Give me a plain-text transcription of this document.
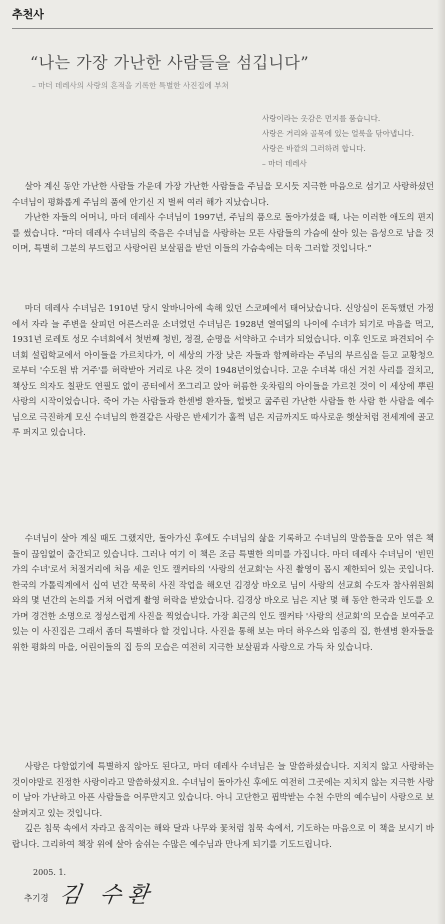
추천사
“나는 가장 가난한 사람들을 섬깁니다”
– 마더 데레사의 사랑의 흔적을 기록한 특별한 사진집에 부쳐
사랑이라는 옷감은 먼지를 품습니다.
사랑은 거리와 골목에 있는 얼룩을 닦아냅니다.
사랑은 바깥의 그러하려 합니다.
– 마더 데레사

살아 계신 동안 가난한 사람들 가운데 가장 가난한 사람들을 주님을 모시듯 지극한 마음으로 섬기고 사랑하셨던 수녀님이 평화롭게 주님의 품에 안기신 지 벌써 여러 해가 지났습니다.

가난한 자들의 어머니, 마더 데레사 수녀님이 1997년, 주님의 품으로 돌아가셨을 때, 나는 이러한 애도의 편지를 썼습니다. “마더 데레사 수녀님의 죽음은 수녀님을 사랑하는 모든 사람들의 가슴에 살아 있는 음성으로 남을 것이며, 특별히 그분의 부드럽고 사랑어린 보살핌을 받던 이들의 가슴속에는 더욱 그러할 것입니다.”

마더 데레사 수녀님은 1910년 당시 알바니아에 속해 있던 스코페에서 태어났습니다. 신앙심이 돈독했던 가정에서 자라 늘 주변을 살피던 어른스러운 소녀였던 수녀님은 1928년 열여덟의 나이에 수녀가 되기로 마음을 먹고, 1931년 로레토 성모 수녀회에서 첫번째 청빈, 정결, 순명을 서약하고 수녀가 되었습니다. 이후 인도로 파견되어 수녀회 설립학교에서 아이들을 가르치다가, 이 세상의 가장 낮은 자들과 함께하라는 주님의 부르심을 듣고 교황청으로부터 '수도원 밖 거주'를 허락받아 거리로 나온 것이 1948년이었습니다. 고운 수녀복 대신 거친 사리를 걸치고, 책상도 의자도 칠판도 연필도 없이 공터에서 쪼그리고 앉아 허름한 옷차림의 아이들을 가르친 것이 이 세상에 뿌린 사랑의 시작이었습니다. 죽어 가는 사람들과 한센병 환자들, 헐벗고 굶주린 가난한 사람들 한 사람 한 사람을 예수님으로 극진하게 모신 수녀님의 한결같은 사랑은 반세기가 훌쩍 넘은 지금까지도 따사로운 햇살처럼 전세계에 골고루 퍼지고 있습니다.

수녀님이 살아 계실 때도 그랬지만, 돌아가신 후에도 수녀님의 삶을 기록하고 수녀님의 말씀들을 모아 엮은 책들이 끊임없이 출간되고 있습니다. 그러나 여기 이 책은 조금 특별한 의미를 가집니다. 마더 데레사 수녀님이 '빈민가의 수녀'로서 처절거리에 처음 세운 인도 캘커타의 '사랑의 선교회'는 사진 촬영이 몹시 제한되어 있는 곳입니다. 한국의 가톨릭계에서 십여 년간 묵묵히 사진 작업을 해오던 김경상 바오로 님이 사랑의 선교회 수도자 참사위원회와의 몇 년간의 논의를 거쳐 어렵게 촬영 허락을 받았습니다. 김경상 바오로 님은 지난 몇 해 동안 한국과 인도를 오가며 경건한 소명으로 정성스럽게 사진을 찍었습니다. 가장 최근의 인도 캘커타 '사랑의 선교회'의 모습을 보여주고 있는 이 사진집은 그래서 좀더 특별하다 할 것입니다. 사진을 통해 보는 마더 하우스와 임종의 집, 한센병 환자들을 위한 평화의 마을, 어린이들의 집 등의 모습은 여전히 지극한 보살핌과 사랑으로 가득 차 있습니다.

사랑은 다함없기에 특별하지 않아도 된다고, 마더 데레사 수녀님은 늘 말씀하셨습니다. 지치지 않고 사랑하는 것이야말로 진정한 사랑이라고 말씀하셨지요. 수녀님이 돌아가신 후에도 여전히 그곳에는 지치지 않는 지극한 사랑이 남아 가난하고 아픈 사람들을 어루만지고 있습니다. 아니 고단한고 핍박받는 수천 수만의 예수님이 사랑으로 보살펴지고 있는 것입니다.

깊은 침묵 속에서 자라고 움직이는 해와 달과 나무와 꽃처럼 침묵 속에서, 기도하는 마음으로 이 책을 보시기 바랍니다. 그리하여 책장 위에 살아 숨쉬는 수많은 예수님과 만나게 되기를 기도드립니다.

2005. 1.
추기경 김 수환
